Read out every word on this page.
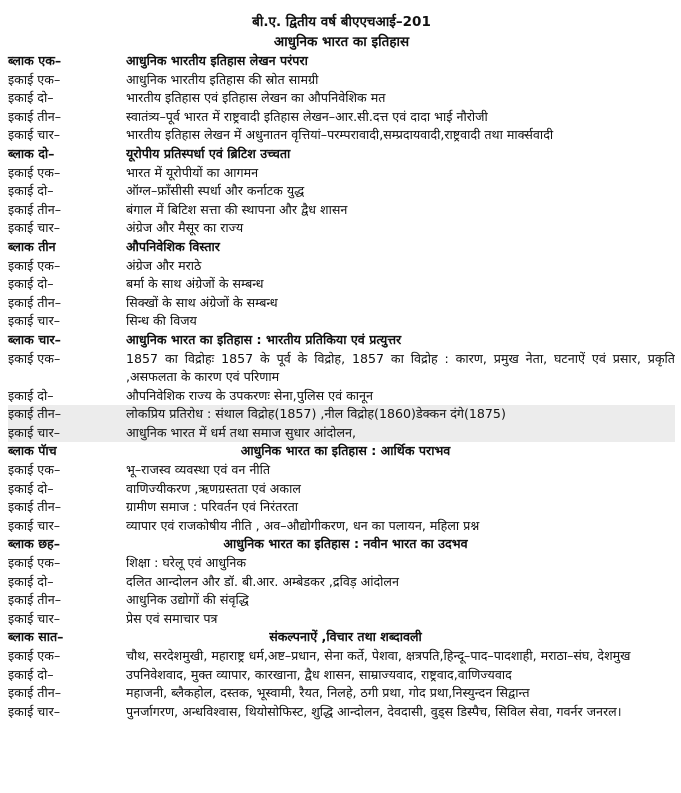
बी.ए. द्वितीय वर्ष बीएएचआई–201
आधुनिक भारत का इतिहास
ब्लाक एक–	आधुनिक भारतीय इतिहास लेखन परंपरा
इकाई एक–	आधुनिक भारतीय इतिहास की स्रोत सामग्री
इकाई दो–	भारतीय इतिहास एवं इतिहास लेखन का औपनिवेशिक मत
इकाई तीन–	स्वातंत्र्य–पूर्व भारत में राष्ट्रवादी इतिहास लेखन–आर.सी.दत्त एवं दादा भाई नौरोजी
इकाई चार–	भारतीय इतिहास लेखन में अधुनातन वृत्तियां–परम्परावादी,सम्प्रदायवादी,राष्ट्रवादी तथा मार्क्सवादी
ब्लाक दो–	यूरोपीय प्रतिस्पर्धा एवं ब्रिटिश उच्चता
इकाई एक–	भारत में यूरोपीयों का आगमन
इकाई दो–	ऑग्ल–फ्राँसीसी स्पर्धा और कर्नाटक युद्ध
इकाई तीन–	बंगाल में बिटिश सत्ता की स्थापना और द्वैध शासन
इकाई चार–	अंग्रेज और मैसूर का राज्य
ब्लाक तीन	औपनिवेशिक विस्तार
इकाई एक–	अंग्रेज और मराठे
इकाई दो–	बर्मा के साथ अंग्रेजों के सम्बन्ध
इकाई तीन–	सिक्खों के साथ अंग्रेजों के सम्बन्ध
इकाई चार–	सिन्ध की विजय
ब्लाक चार–	आधुनिक भारत का इतिहास : भारतीय प्रतिकिया एवं प्रत्युत्तर
इकाई एक–	1857 का विद्रोहः 1857 के पूर्व के विद्रोह, 1857 का विद्रोह : कारण, प्रमुख नेता, घटनाऐं एवं प्रसार, प्रकृति ,असफलता के कारण एवं परिणाम
इकाई दो–	औपनिवेशिक राज्य के उपकरणः सेना,पुलिस एवं कानून
इकाई तीन–	लोकप्रिय प्रतिरोध : संथाल विद्रोह(1857) ,नील विद्रोह(1860)डेक्कन दंगे(1875)
इकाई चार–	आधुनिक भारत में धर्म तथा समाज सुधार आंदोलन,
ब्लाक पॅाच	आधुनिक भारत का इतिहास : आर्थिक पराभव
इकाई एक–	भू–राजस्व व्यवस्था एवं वन नीति
इकाई दो–	वाणिज्यीकरण ,ऋणग्रस्तता एवं अकाल
इकाई तीन–	ग्रामीण समाज : परिवर्तन एवं निरंतरता
इकाई चार–	व्यापार एवं राजकोषीय नीति , अव–औद्योगीकरण, धन का पलायन, महिला प्रश्न
ब्लाक छह–	आधुनिक भारत का इतिहास : नवीन भारत का उदभव
इकाई एक–	शिक्षा : घरेलू एवं आधुनिक
इकाई दो–	दलित आन्दोलन और डॉ. बी.आर. अम्बेडकर ,द्रविड़ आंदोलन
इकाई तीन–	आधुनिक उद्योगों की संवृद्धि
इकाई चार–	प्रेस एवं समाचार पत्र
ब्लाक सात–	संकल्पनाऐं ,विचार तथा शब्दावली
इकाई एक–	चौथ, सरदेशमुखी, महाराष्ट्र धर्म,अष्ट–प्रधान, सेना कर्ते, पेशवा, क्षत्रपति,हिन्दू–पाद–पादशाही, मराठा–संघ, देशमुख
इकाई दो–	उपनिवेशवाद, मुक्त व्यापार, कारखाना, द्वैध शासन, साम्राज्यवाद, राष्ट्रवाद,वाणिज्यवाद
इकाई तीन–	महाजनी, ब्लैकहोल, दस्तक, भूस्वामी, रैयत, निलहे, ठगी प्रथा, गोद प्रथा,निस्युन्दन सिद्वान्त
इकाई चार–	पुनर्जागरण, अन्धविश्वास, थियोसोफिस्ट, शुद्धि आन्दोलन, देवदासी, वुड्स डिस्पैच, सिविल सेवा, गवर्नर जनरल।
